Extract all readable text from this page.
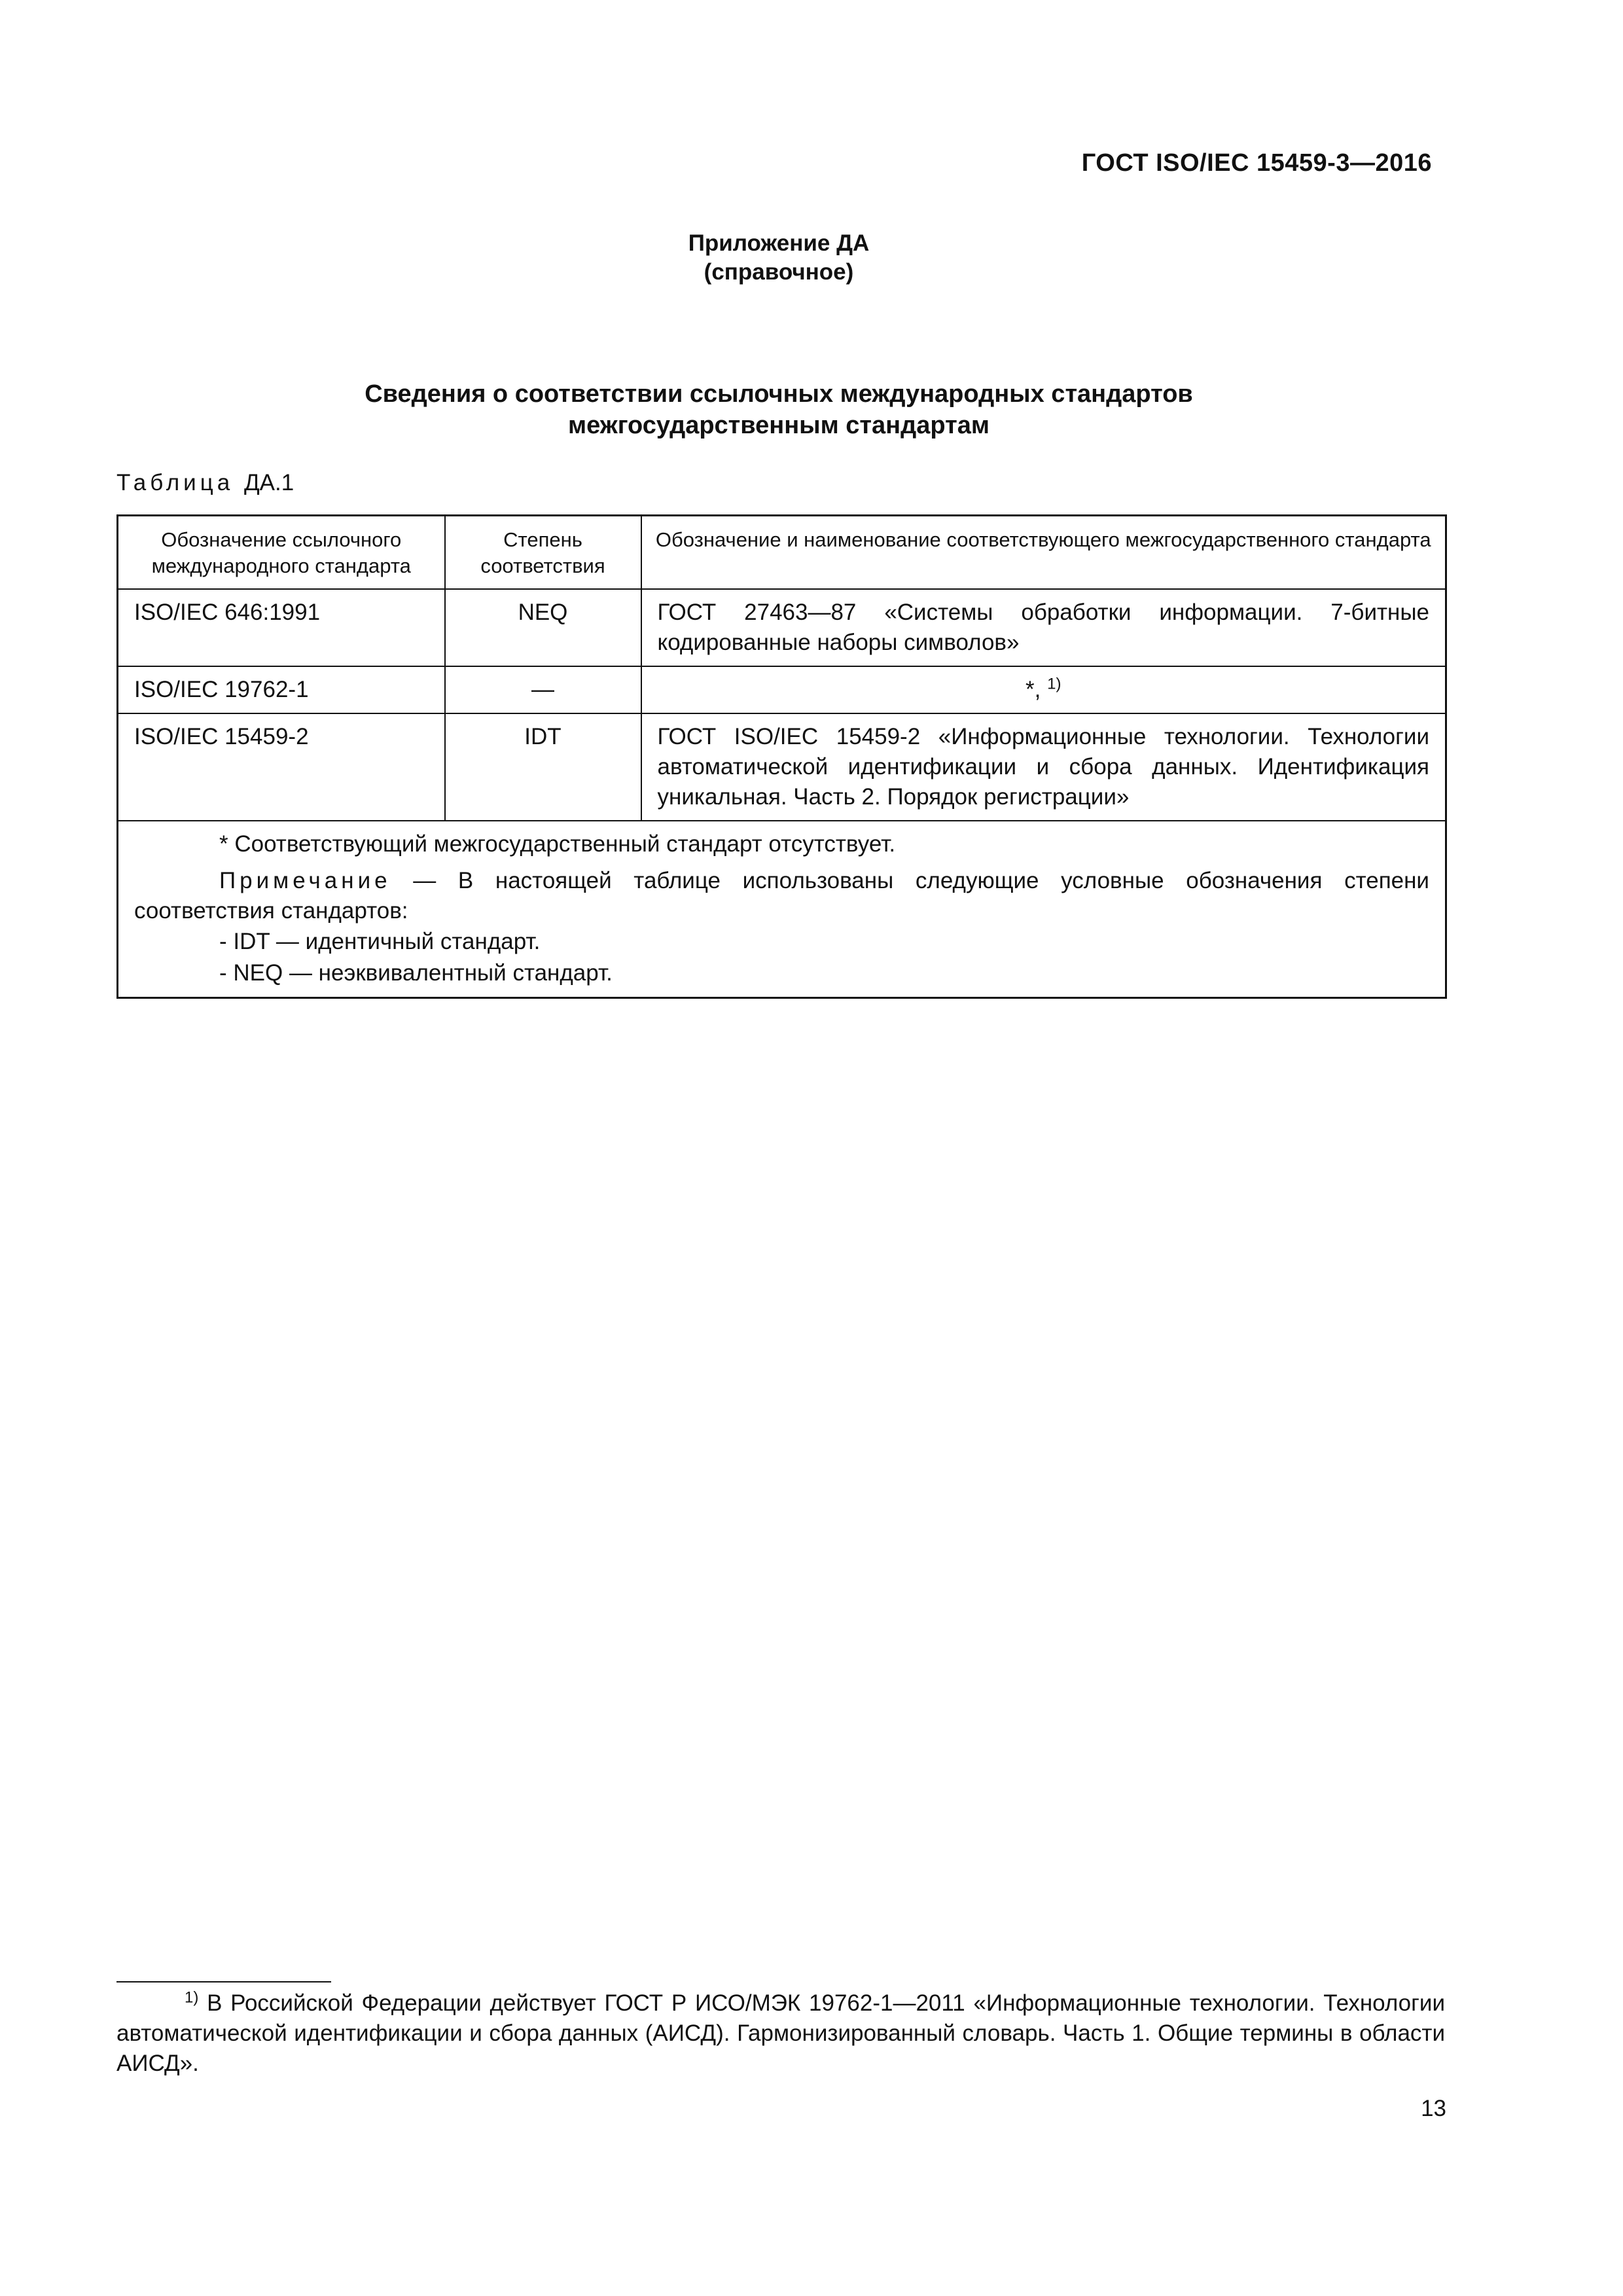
ГОСТ ISO/IEC 15459-3—2016
Приложение ДА
(справочное)
Сведения о соответствии ссылочных международных стандартов
межгосударственным стандартам
Таблица ДА.1
Обозначение ссылочного международного стандарта	Степень соответствия	Обозначение и наименование соответствующего межгосударственного стандарта
ISO/IEC 646:1991	NEQ	ГОСТ 27463—87 «Системы обработки информации. 7-битные кодированные наборы символов»
ISO/IEC 19762-1	—	*, $^{1)}$
ISO/IEC 15459-2	IDT	ГОСТ ISO/IEC 15459-2 «Информационные технологии. Технологии автоматической идентификации и сбора данных. Идентификация уникальная. Часть 2. Порядок регистрации»

* Соответствующий межгосударственный стандарт отсутствует.
Примечание — В настоящей таблице использованы следующие условные обозначения степени соответствия стандартов:
- IDT — идентичный стандарт.
- NEQ — неэквивалентный стандарт.		
$^{1)}$ В Российской Федерации действует ГОСТ Р ИСО/МЭК 19762-1—2011 «Информационные технологии. Технологии автоматической идентификации и сбора данных (АИСД). Гармонизированный словарь. Часть 1. Общие термины в области АИСД».
13
